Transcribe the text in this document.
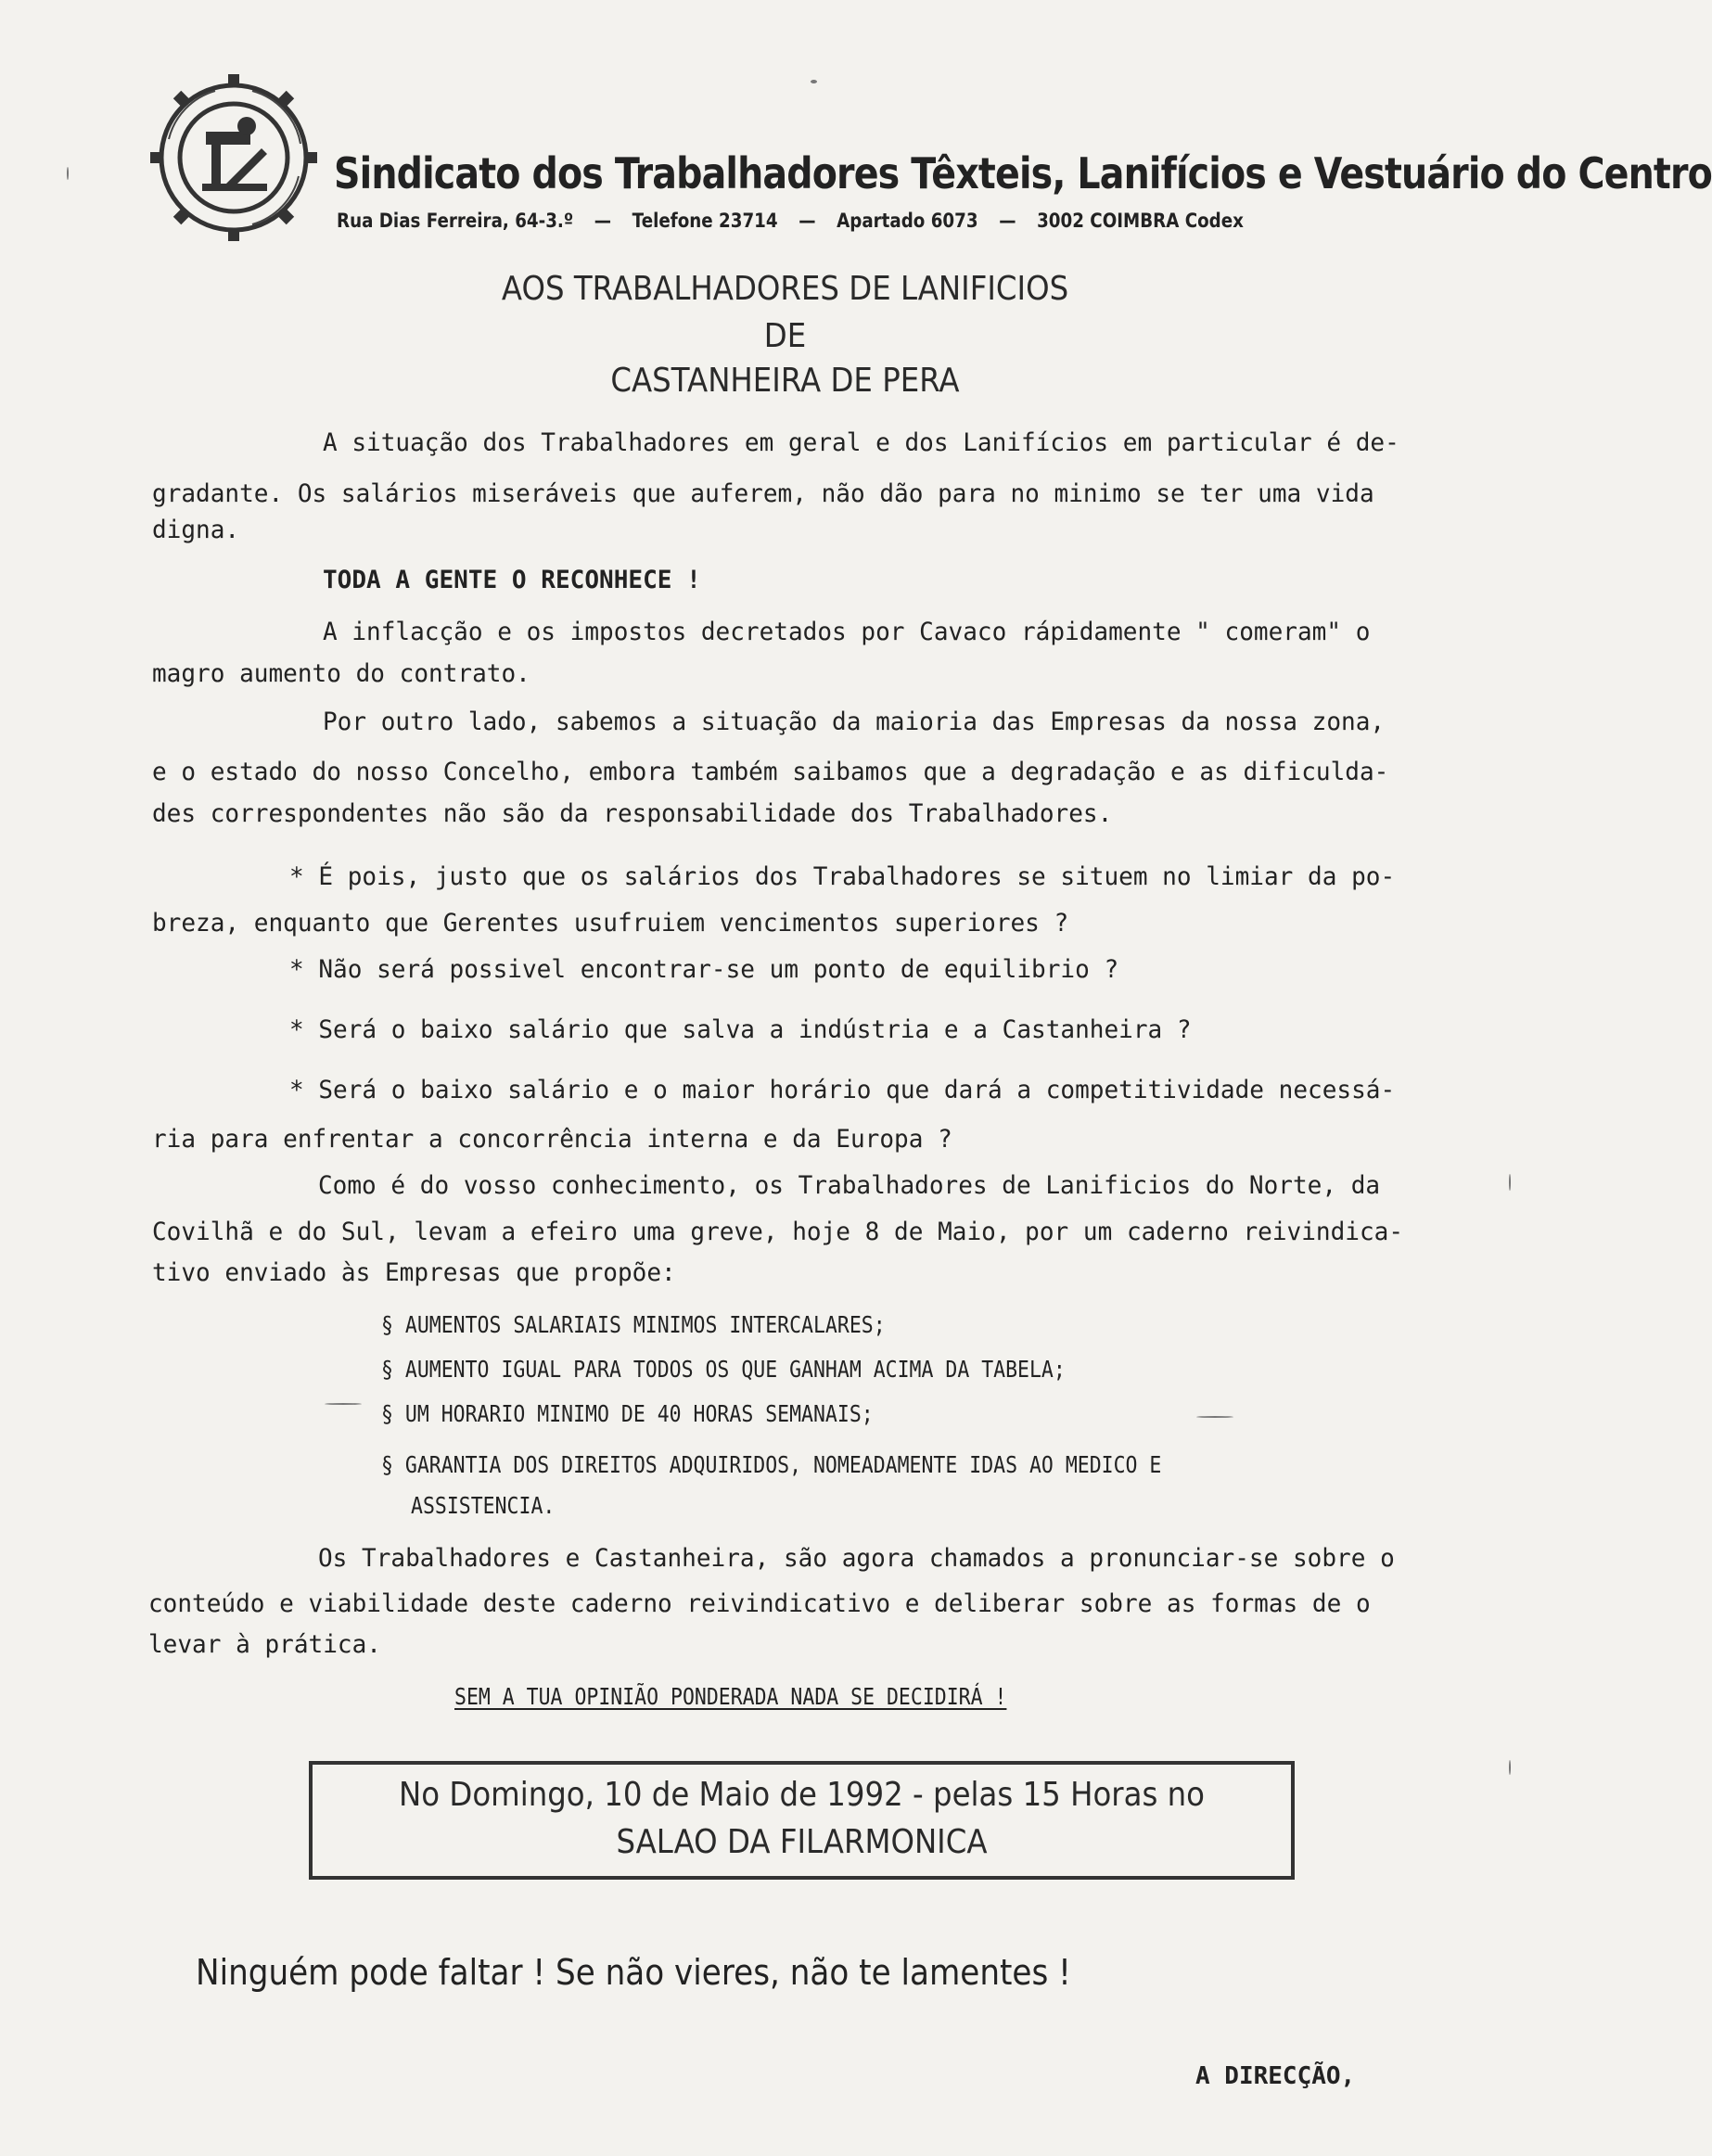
Sindicato dos Trabalhadores Têxteis, Lanifícios e Vestuário do Centro
Rua Dias Ferreira, 64-3.º — Telefone 23714 — Apartado 6073 — 3002 COIMBRA Codex
AOS TRABALHADORES DE LANIFICIOS
DE
CASTANHEIRA DE PERA
A situação dos Trabalhadores em geral e dos Lanifícios em particular é de-
gradante. Os salários miseráveis que auferem, não dão para no minimo se ter uma vida
digna.
TODA A GENTE O RECONHECE !
A inflacção e os impostos decretados por Cavaco rápidamente " comeram" o
magro aumento do contrato.
Por outro lado, sabemos a situação da maioria das Empresas da nossa zona,
e o estado do nosso Concelho, embora também saibamos que a degradação e as dificulda-
des correspondentes não são da responsabilidade dos Trabalhadores.
* É pois, justo que os salários dos Trabalhadores se situem no limiar da po-
breza, enquanto que Gerentes usufruiem vencimentos superiores ?
* Não será possivel encontrar-se um ponto de equilibrio ?
* Será o baixo salário que salva a indústria e a Castanheira ?
* Será o baixo salário e o maior horário que dará a competitividade necessá-
ria para enfrentar a concorrência interna e da Europa ?
Como é do vosso conhecimento, os Trabalhadores de Lanificios do Norte, da
Covilhã e do Sul, levam a efeiro uma greve, hoje 8 de Maio, por um caderno reivindica-
tivo enviado às Empresas que propõe:
§ AUMENTOS SALARIAIS MINIMOS INTERCALARES;
§ AUMENTO IGUAL PARA TODOS OS QUE GANHAM ACIMA DA TABELA;
§ UM HORARIO MINIMO DE 40 HORAS SEMANAIS;
§ GARANTIA DOS DIREITOS ADQUIRIDOS, NOMEADAMENTE IDAS AO MEDICO E
ASSISTENCIA.
Os Trabalhadores e Castanheira, são agora chamados a pronunciar-se sobre o
conteúdo e viabilidade deste caderno reivindicativo e deliberar sobre as formas de o
levar à prática.
SEM A TUA OPINIÃO PONDERADA NADA SE DECIDIRÁ !
No Domingo, 10 de Maio de 1992 - pelas 15 Horas no
SALAO DA FILARMONICA
Ninguém pode faltar ! Se não vieres, não te lamentes !
A DIRECÇÃO,
